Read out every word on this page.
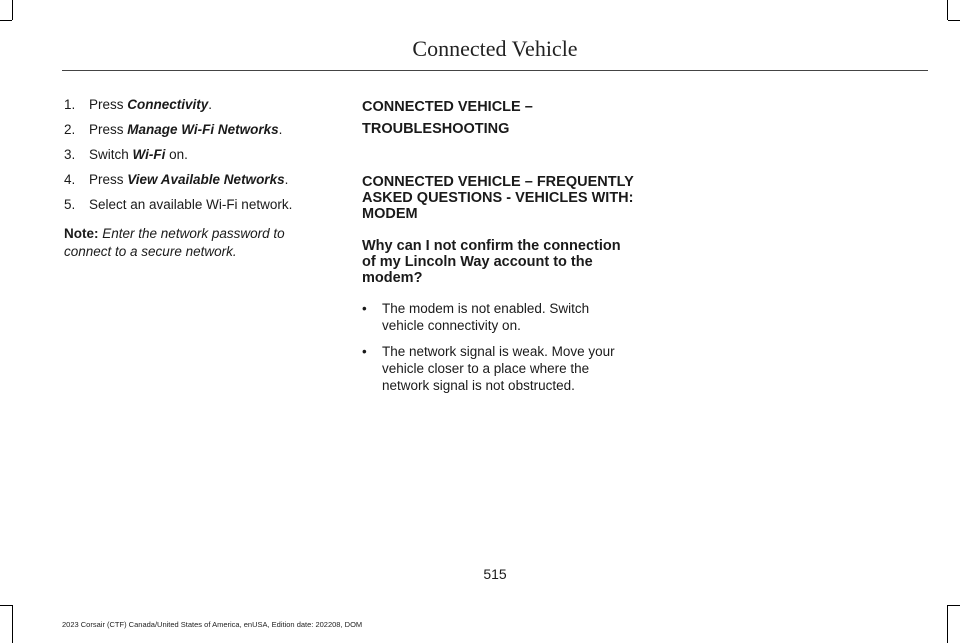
Connected Vehicle
1.	Press Connectivity.
2.	Press Manage Wi-Fi Networks.
3.	Switch Wi-Fi on.
4.	Press View Available Networks.
5.	Select an available Wi-Fi network.
Note: Enter the network password to connect to a secure network.
CONNECTED VEHICLE –
TROUBLESHOOTING
CONNECTED VEHICLE – FREQUENTLY
ASKED QUESTIONS - VEHICLES WITH:
MODEM
Why can I not confirm the connection of my Lincoln Way account to the modem?
•	The modem is not enabled. Switch vehicle connectivity on.
•	The network signal is weak. Move your vehicle closer to a place where the network signal is not obstructed.
515
2023 Corsair (CTF) Canada/United States of America, enUSA, Edition date: 202208, DOM
